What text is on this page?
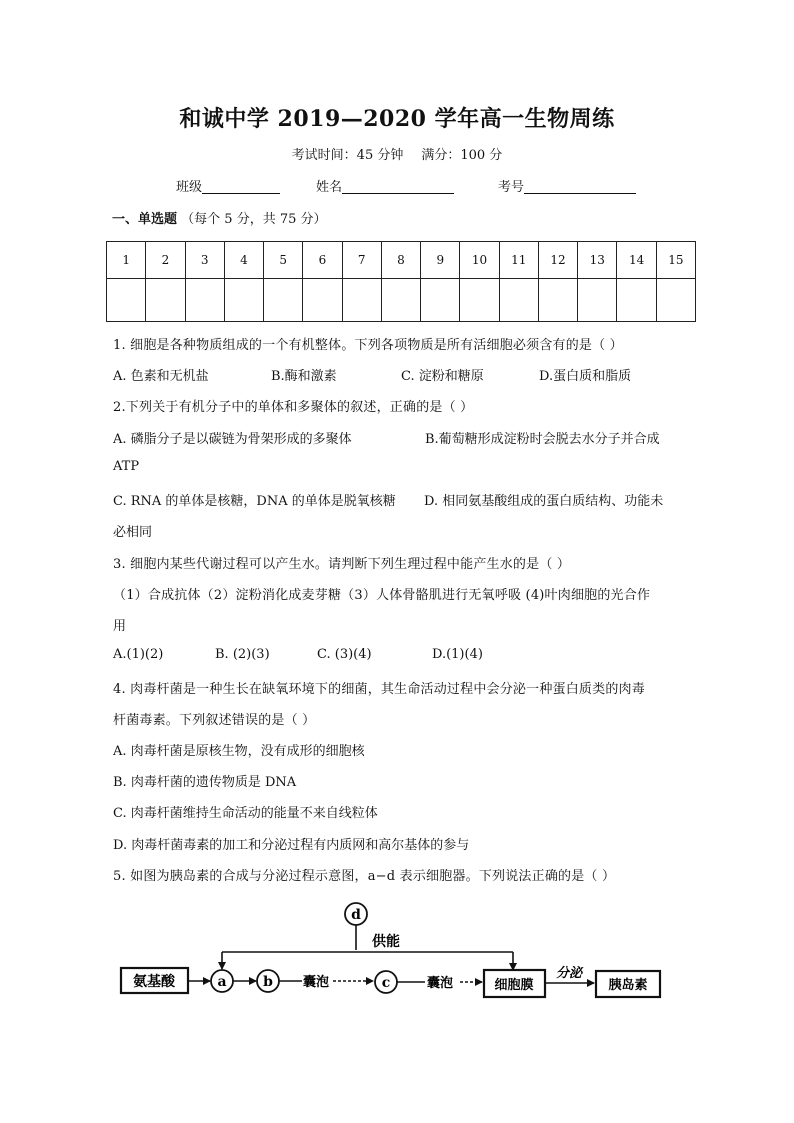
和诚中学 2019—2020 学年高一生物周练
考试时间：45 分钟 满分：100 分
班级	姓名	考号
一、单选题 （每个 5 分，共 75 分）
1	2	3	4	5	6	7	8	9	10	11	12	13	14	15

1. 细胞是各种物质组成的一个有机整体。下列各项物质是所有活细胞必须含有的是（ ）
A. 色素和无机盐	B.酶和激素	C. 淀粉和糖原	D.蛋白质和脂质
2.下列关于有机分子中的单体和多聚体的叙述，正确的是（ ）
A. 磷脂分子是以碳链为骨架形成的多聚体	B.葡萄糖形成淀粉时会脱去水分子并合成
ATP
C. RNA 的单体是核糖，DNA 的单体是脱氧核糖 D. 相同氨基酸组成的蛋白质结构、功能未
必相同
3. 细胞内某些代谢过程可以产生水。请判断下列生理过程中能产生水的是（ ）
（1）合成抗体（2）淀粉消化成麦芽糖（3）人体骨骼肌进行无氧呼吸 (4)叶肉细胞的光合作
用
A.(1)(2)	B. (2)(3)	C. (3)(4)	D.(1)(4)
4. 肉毒杆菌是一种生长在缺氧环境下的细菌，其生命活动过程中会分泌一种蛋白质类的肉毒
杆菌毒素。下列叙述错误的是（ ）
A. 肉毒杆菌是原核生物，没有成形的细胞核
B. 肉毒杆菌的遗传物质是 DNA
C. 肉毒杆菌维持生命活动的能量不来自线粒体
D. 肉毒杆菌毒素的加工和分泌过程有内质网和高尔基体的参与
5. 如图为胰岛素的合成与分泌过程示意图，a−d 表示细胞器。下列说法正确的是（ ）
d
供能
氨基酸	a	b 囊泡	c	囊泡	细胞膜
分泌
胰岛素
